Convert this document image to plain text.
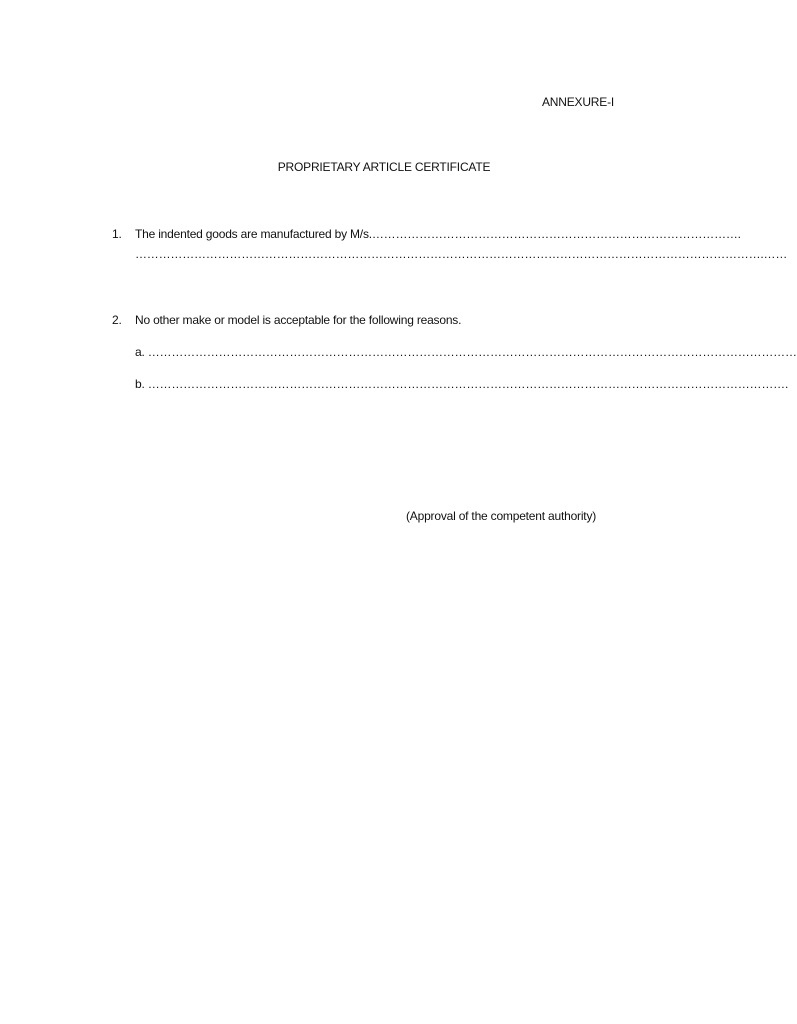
ANNEXURE-I
PROPRIETARY ARTICLE CERTIFICATE
1. The indented goods are manufactured by M/s.………………………………………………………………………………….
…………………………………………………………………………………………………………………………………………….……
2. No other make or model is acceptable for the following reasons.
a. …………………………………………………………………………………………………………………………………………………
b. ……………………………………………………………………………………………………………………………………………….
(Approval of the competent authority)
